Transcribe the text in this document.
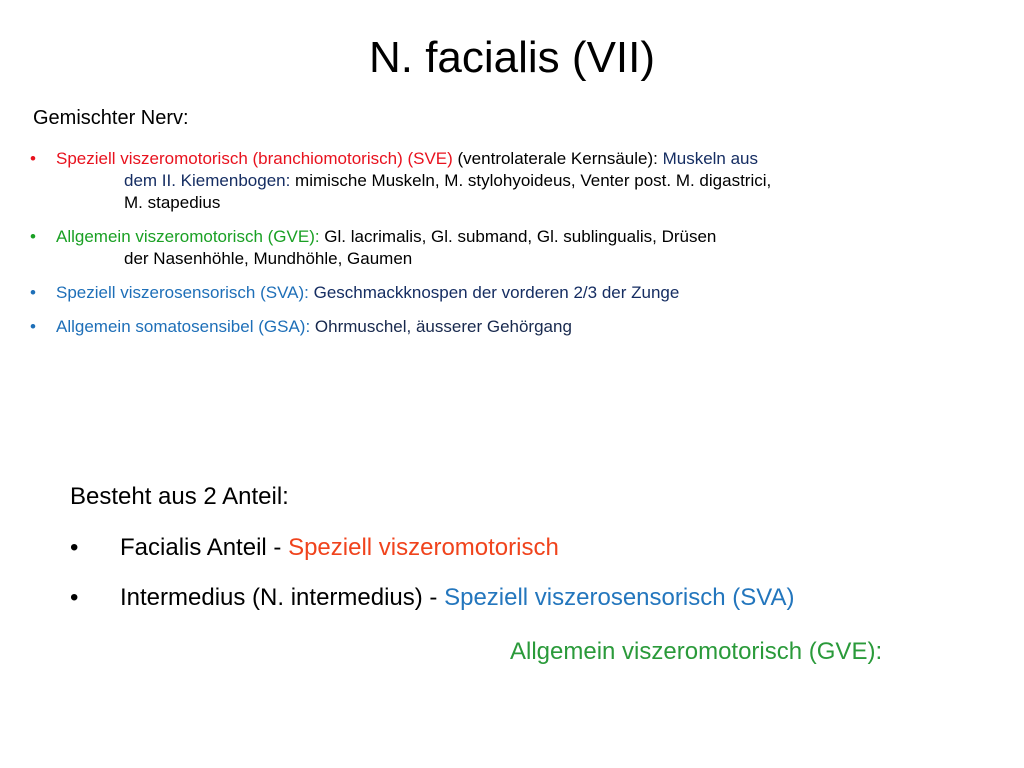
N. facialis (VII)
Gemischter Nerv:
• Speziell viszeromotorisch (branchiomotorisch) (SVE) (ventrolaterale Kernsäule): Muskeln aus
dem II. Kiemenbogen: mimische Muskeln, M. stylohyoideus, Venter post. M. digastrici,
M. stapedius
• Allgemein viszeromotorisch (GVE): Gl. lacrimalis, Gl. submand, Gl. sublingualis, Drüsen
der Nasenhöhle, Mundhöhle, Gaumen
• Speziell viszerosensorisch (SVA): Geschmackknospen der vorderen 2/3 der Zunge
• Allgemein somatosensibel (GSA): Ohrmuschel, äusserer Gehörgang
Besteht aus 2 Anteil:
• Facialis Anteil - Speziell viszeromotorisch
• Intermedius (N. intermedius) - Speziell viszerosensorisch (SVA)
Allgemein viszeromotorisch (GVE):
